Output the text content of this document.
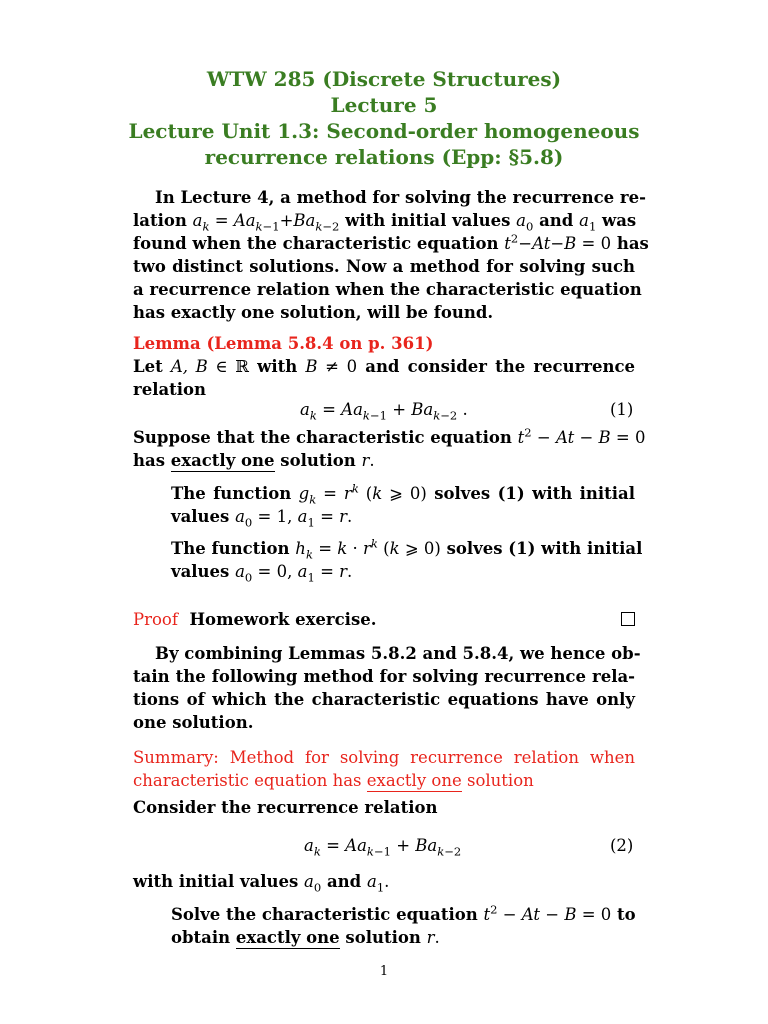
WTW 285 (Discrete Structures)
Lecture 5
Lecture Unit 1.3: Second-order homogeneous
recurrence relations (Epp: §5.8)
In Lecture 4, a method for solving the recurrence re-
lation $a_k = Aa_{k-1}+Ba_{k-2}$ with initial values $a_0$ and $a_1$ was
found when the characteristic equation $t^2-At-B = 0$ has
two distinct solutions. Now a method for solving such
a recurrence relation when the characteristic equation
has exactly one solution, will be found.
Lemma (Lemma 5.8.4 on p. 361)
Let A, B ∈ ℝ with B ≠ 0 and consider the recurrence
relation
$a_k = Aa_{k-1} + Ba_{k-2}$ .	(1)
Suppose that the characteristic equation $t^2 - At - B = 0$
has exactly one solution r.
The function $g_k = r^k$ (k ⩾ 0) solves (1) with initial
values $a_0 = 1$, $a_1 = r$.
The function $h_k = k \cdot r^k$ (k ⩾ 0) solves (1) with initial
values $a_0 = 0$, $a_1 = r$.
Proof Homework exercise.
By combining Lemmas 5.8.2 and 5.8.4, we hence ob-
tain the following method for solving recurrence rela-
tions of which the characteristic equations have only
one solution.
Summary: Method for solving recurrence relation when
characteristic equation has exactly one solution
Consider the recurrence relation
$a_k = Aa_{k-1} + Ba_{k-2}$	(2)
with initial values $a_0$ and $a_1$.
Solve the characteristic equation $t^2 - At - B = 0$ to
obtain exactly one solution r.
1
